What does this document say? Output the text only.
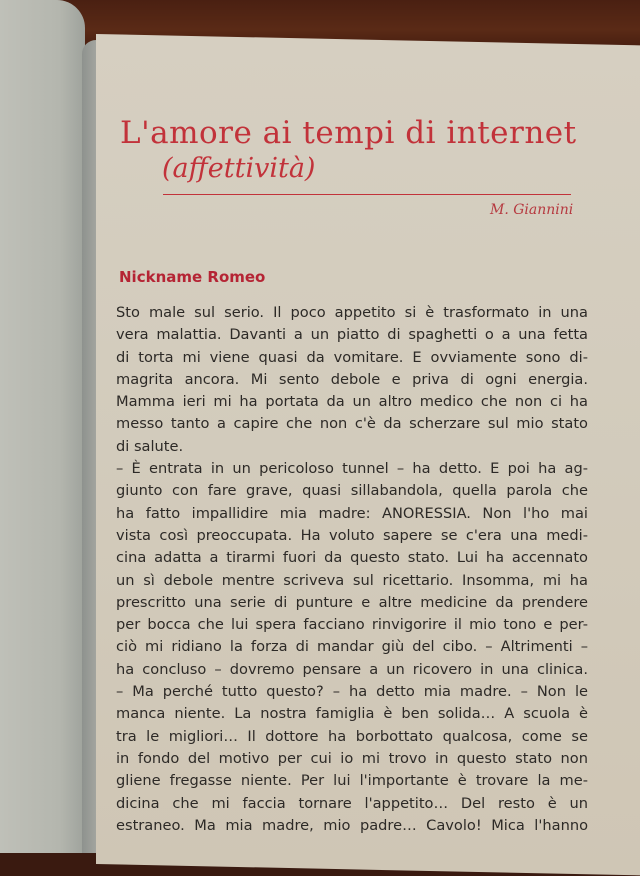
L'amore ai tempi di internet
(affettività)
M. Giannini
Nickname Romeo
Sto male sul serio. Il poco appetito si è trasformato in una
vera malattia. Davanti a un piatto di spaghetti o a una fetta
di torta mi viene quasi da vomitare. E ovviamente sono di-
magrita ancora. Mi sento debole e priva di ogni energia.
Mamma ieri mi ha portata da un altro medico che non ci ha
messo tanto a capire che non c'è da scherzare sul mio stato
di salute.
– È entrata in un pericoloso tunnel – ha detto. E poi ha ag-
giunto con fare grave, quasi sillabandola, quella parola che
ha fatto impallidire mia madre: ANORESSIA. Non l'ho mai
vista così preoccupata. Ha voluto sapere se c'era una medi-
cina adatta a tirarmi fuori da questo stato. Lui ha accennato
un sì debole mentre scriveva sul ricettario. Insomma, mi ha
prescritto una serie di punture e altre medicine da prendere
per bocca che lui spera facciano rinvigorire il mio tono e per-
ciò mi ridiano la forza di mandar giù del cibo. – Altrimenti –
ha concluso – dovremo pensare a un ricovero in una clinica.
– Ma perché tutto questo? – ha detto mia madre. – Non le
manca niente. La nostra famiglia è ben solida… A scuola è
tra le migliori… Il dottore ha borbottato qualcosa, come se
in fondo del motivo per cui io mi trovo in questo stato non
gliene fregasse niente. Per lui l'importante è trovare la me-
dicina che mi faccia tornare l'appetito… Del resto è un
estraneo. Ma mia madre, mio padre… Cavolo! Mica l'hanno
